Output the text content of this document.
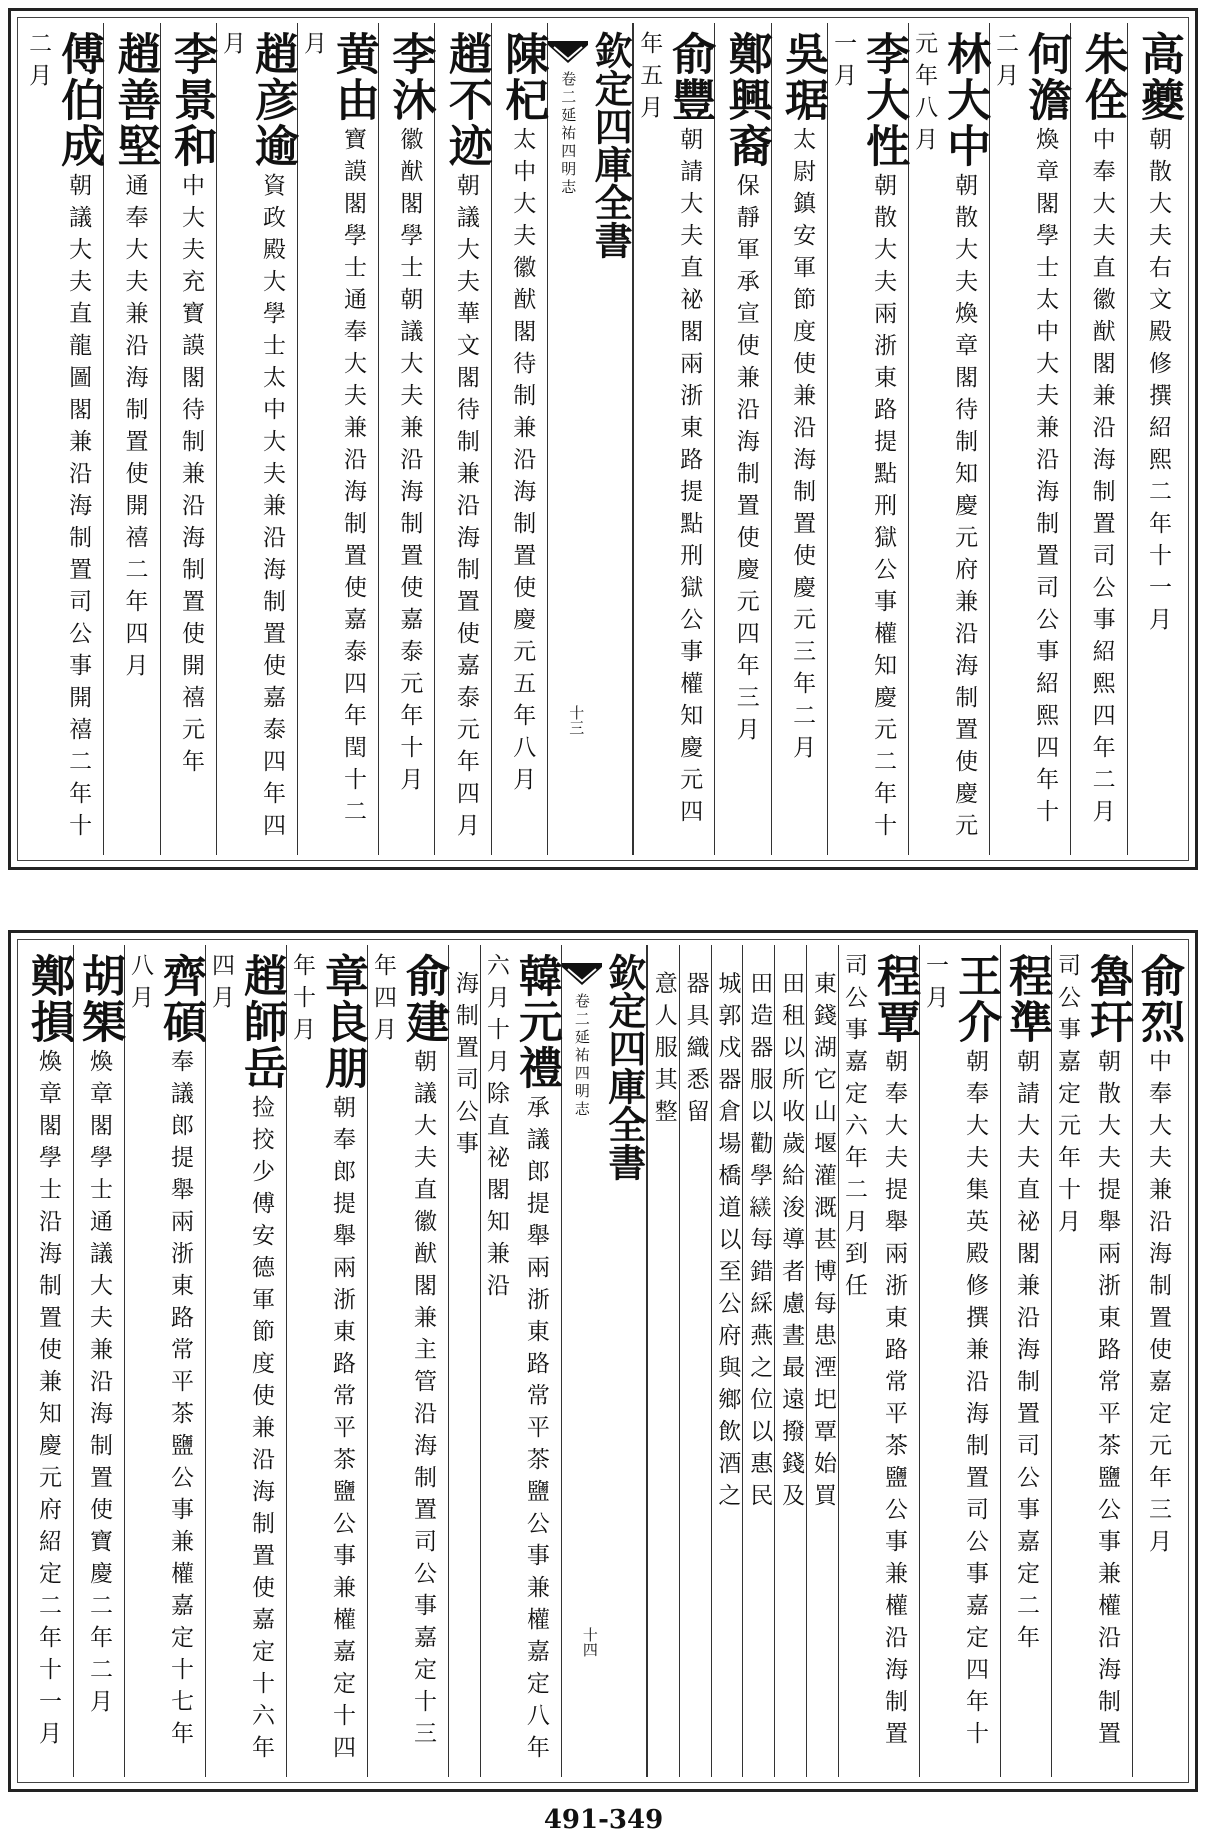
高夔朝散大夫右文殿修撰紹熙二年十一月
朱佺中奉大夫直徽猷閣兼沿海制置司公事紹熙四年二月
何澹煥章閣學士太中大夫兼沿海制置司公事紹熙四年十二月
林大中朝散大夫煥章閣待制知慶元府兼沿海制置使慶元元年八月
李大性朝散大夫兩浙東路提點刑獄公事權知慶元二年十一月
吳琚太尉鎮安軍節度使兼沿海制置使慶元三年二月
鄭興裔保靜軍承宣使兼沿海制置使慶元四年三月
俞豐朝請大夫直祕閣兩浙東路提點刑獄公事權知慶元四年五月
欽定四庫全書
卷二延祐四明志
十三
陳杞太中大夫徽猷閣待制兼沿海制置使慶元五年八月
趙不迹朝議大夫華文閣待制兼沿海制置使嘉泰元年四月
李沐徽猷閣學士朝議大夫兼沿海制置使嘉泰元年十月
黄由寶謨閣學士通奉大夫兼沿海制置使嘉泰四年閏十二月
趙彦逾資政殿大學士太中大夫兼沿海制置使嘉泰四年四月
李景和中大夫充寶謨閣待制兼沿海制置使開禧元年
趙善堅通奉大夫兼沿海制置使開禧二年四月
傅伯成朝議大夫直龍圖閣兼沿海制置司公事開禧二年十二月
俞烈中奉大夫兼沿海制置使嘉定元年三月
魯玕朝散大夫提舉兩浙東路常平茶鹽公事兼權沿海制置司公事嘉定元年十月
程準朝請大夫直祕閣兼沿海制置司公事嘉定二年
王介朝奉大夫集英殿修撰兼沿海制置司公事嘉定四年十一月
程覃朝奉大夫提舉兩浙東路常平茶鹽公事兼權沿海制置司公事嘉定六年二月到任
東錢湖它山堰灌溉甚博每患湮圯覃始買
田租以所收歲給浚導者慮晝最遠撥錢及
田造器服以勸學𦆀每錯綵燕之位以惠民
城郭戍器倉場橋道以至公府與鄉飲酒之
器具織悉留
意人服其整
欽定四庫全書
卷二延祐四明志
十四
韓元禮承議郎提舉兩浙東路常平茶鹽公事兼權嘉定八年六月十月除直祕閣知兼沿
海制置司公事
俞建朝議大夫直徽猷閣兼主管沿海制置司公事嘉定十三年四月
章良朋朝奉郎提舉兩浙東路常平茶鹽公事兼權嘉定十四年十月
趙師岳捡挍少傅安德軍節度使兼沿海制置使嘉定十六年四月
齊碩奉議郎提舉兩浙東路常平茶鹽公事兼權嘉定十七年八月
胡榘煥章閣學士通議大夫兼沿海制置使寶慶二年二月
鄭損煥章閣學士沿海制置使兼知慶元府紹定二年十一月
491-349
